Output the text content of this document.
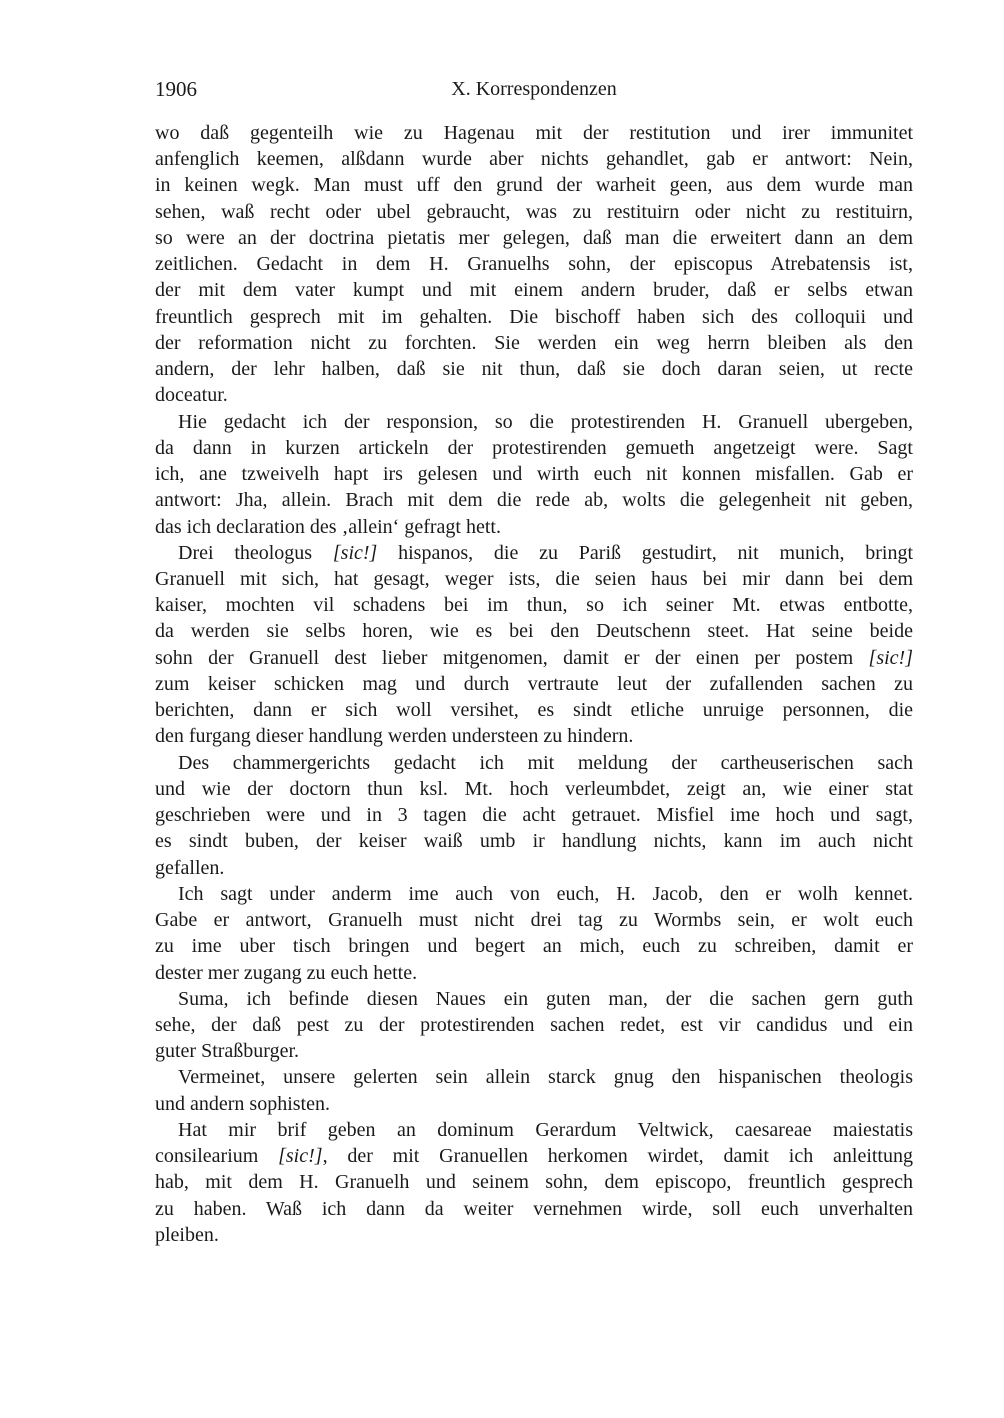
1906	X. Korrespondenzen
wo daß gegenteilh wie zu Hagenau mit der restitution und irer immunitet
anfenglich keemen, alßdann wurde aber nichts gehandlet, gab er antwort: Nein,
in keinen wegk. Man must uff den grund der warheit geen, aus dem wurde man
sehen, waß recht oder ubel gebraucht, was zu restituirn oder nicht zu restituirn,
so were an der doctrina pietatis mer gelegen, daß man die erweitert dann an dem
zeitlichen. Gedacht in dem H. Granuelhs sohn, der episcopus Atrebatensis ist,
der mit dem vater kumpt und mit einem andern bruder, daß er selbs etwan
freuntlich gesprech mit im gehalten. Die bischoff haben sich des colloquii und
der reformation nicht zu forchten. Sie werden ein weg herrn bleiben als den
andern, der lehr halben, daß sie nit thun, daß sie doch daran seien, ut recte
doceatur.
Hie gedacht ich der responsion, so die protestirenden H. Granuell ubergeben,
da dann in kurzen artickeln der protestirenden gemueth angetzeigt were. Sagt
ich, ane tzweivelh hapt irs gelesen und wirth euch nit konnen misfallen. Gab er
antwort: Jha, allein. Brach mit dem die rede ab, wolts die gelegenheit nit geben,
das ich declaration des ‚allein‘ gefragt hett.
Drei theologus [sic!] hispanos, die zu Pariß gestudirt, nit munich, bringt
Granuell mit sich, hat gesagt, weger ists, die seien haus bei mir dann bei dem
kaiser, mochten vil schadens bei im thun, so ich seiner Mt. etwas entbotte,
da werden sie selbs horen, wie es bei den Deutschenn steet. Hat seine beide
sohn der Granuell dest lieber mitgenomen, damit er der einen per postem [sic!]
zum keiser schicken mag und durch vertraute leut der zufallenden sachen zu
berichten, dann er sich woll versihet, es sindt etliche unruige personnen, die
den furgang dieser handlung werden understeen zu hindern.
Des chammergerichts gedacht ich mit meldung der cartheuserischen sach
und wie der doctorn thun ksl. Mt. hoch verleumbdet, zeigt an, wie einer stat
geschrieben were und in 3 tagen die acht getrauet. Misfiel ime hoch und sagt,
es sindt buben, der keiser waiß umb ir handlung nichts, kann im auch nicht
gefallen.
Ich sagt under anderm ime auch von euch, H. Jacob, den er wolh kennet.
Gabe er antwort, Granuelh must nicht drei tag zu Wormbs sein, er wolt euch
zu ime uber tisch bringen und begert an mich, euch zu schreiben, damit er
dester mer zugang zu euch hette.
Suma, ich befinde diesen Naues ein guten man, der die sachen gern guth
sehe, der daß pest zu der protestirenden sachen redet, est vir candidus und ein
guter Straßburger.
Vermeinet, unsere gelerten sein allein starck gnug den hispanischen theologis
und andern sophisten.
Hat mir brif geben an dominum Gerardum Veltwick, caesareae maiestatis
consilearium [sic!], der mit Granuellen herkomen wirdet, damit ich anleittung
hab, mit dem H. Granuelh und seinem sohn, dem episcopo, freuntlich gesprech
zu haben. Waß ich dann da weiter vernehmen wirde, soll euch unverhalten
pleiben.
